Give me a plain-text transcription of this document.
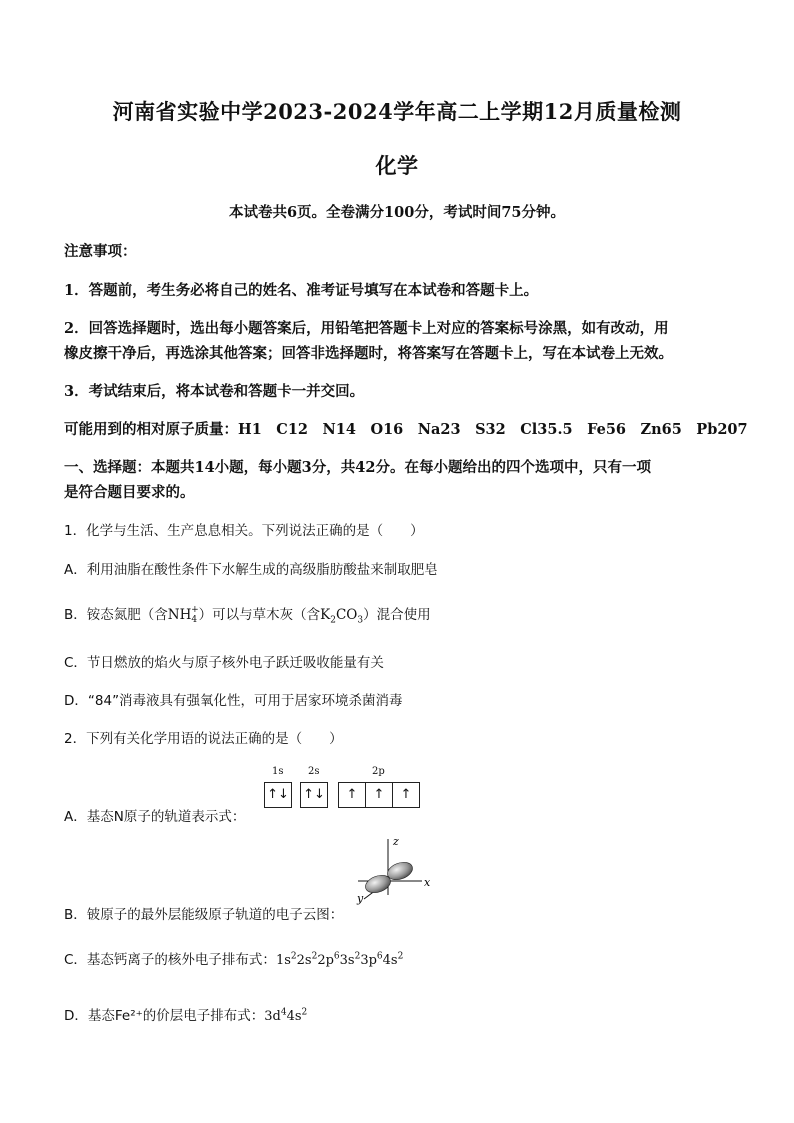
河南省实验中学2023-2024学年高二上学期12月质量检测
化学
本试卷共6页。全卷满分100分，考试时间75分钟。
注意事项：
1．答题前，考生务必将自己的姓名、准考证号填写在本试卷和答题卡上。
2．回答选择题时，选出每小题答案后，用铅笔把答题卡上对应的答案标号涂黑，如有改动，用
橡皮擦干净后，再选涂其他答案；回答非选择题时，将答案写在答题卡上，写在本试卷上无效。
3．考试结束后，将本试卷和答题卡一并交回。
可能用到的相对原子质量：H1　C12　N14　O16　Na23　S32　Cl35.5　Fe56　Zn65　Pb207
一、选择题：本题共14小题，每小题3分，共42分。在每小题给出的四个选项中，只有一项
是符合题目要求的。
1．化学与生活、生产息息相关。下列说法正确的是（　　）
A．利用油脂在酸性条件下水解生成的高级脂肪酸盐来制取肥皂
B．铵态氮肥（含$NH_4^+$）可以与草木灰（含$K_2CO_3$）混合使用
C．节日燃放的焰火与原子核外电子跃迁吸收能量有关
D．“84”消毒液具有强氧化性，可用于居家环境杀菌消毒
2．下列有关化学用语的说法正确的是（　　）
A．基态N原子的轨道表示式：
1s 2s	2p
↑↓ ↑↓	↑ ↑ ↑
z
x
y
B．铍原子的最外层能级原子轨道的电子云图：
C．基态钙离子的核外电子排布式：$1s^22s^22p^63s^23p^64s^2$
D．基态Fe²⁺的价层电子排布式：$3d^44s^2$
